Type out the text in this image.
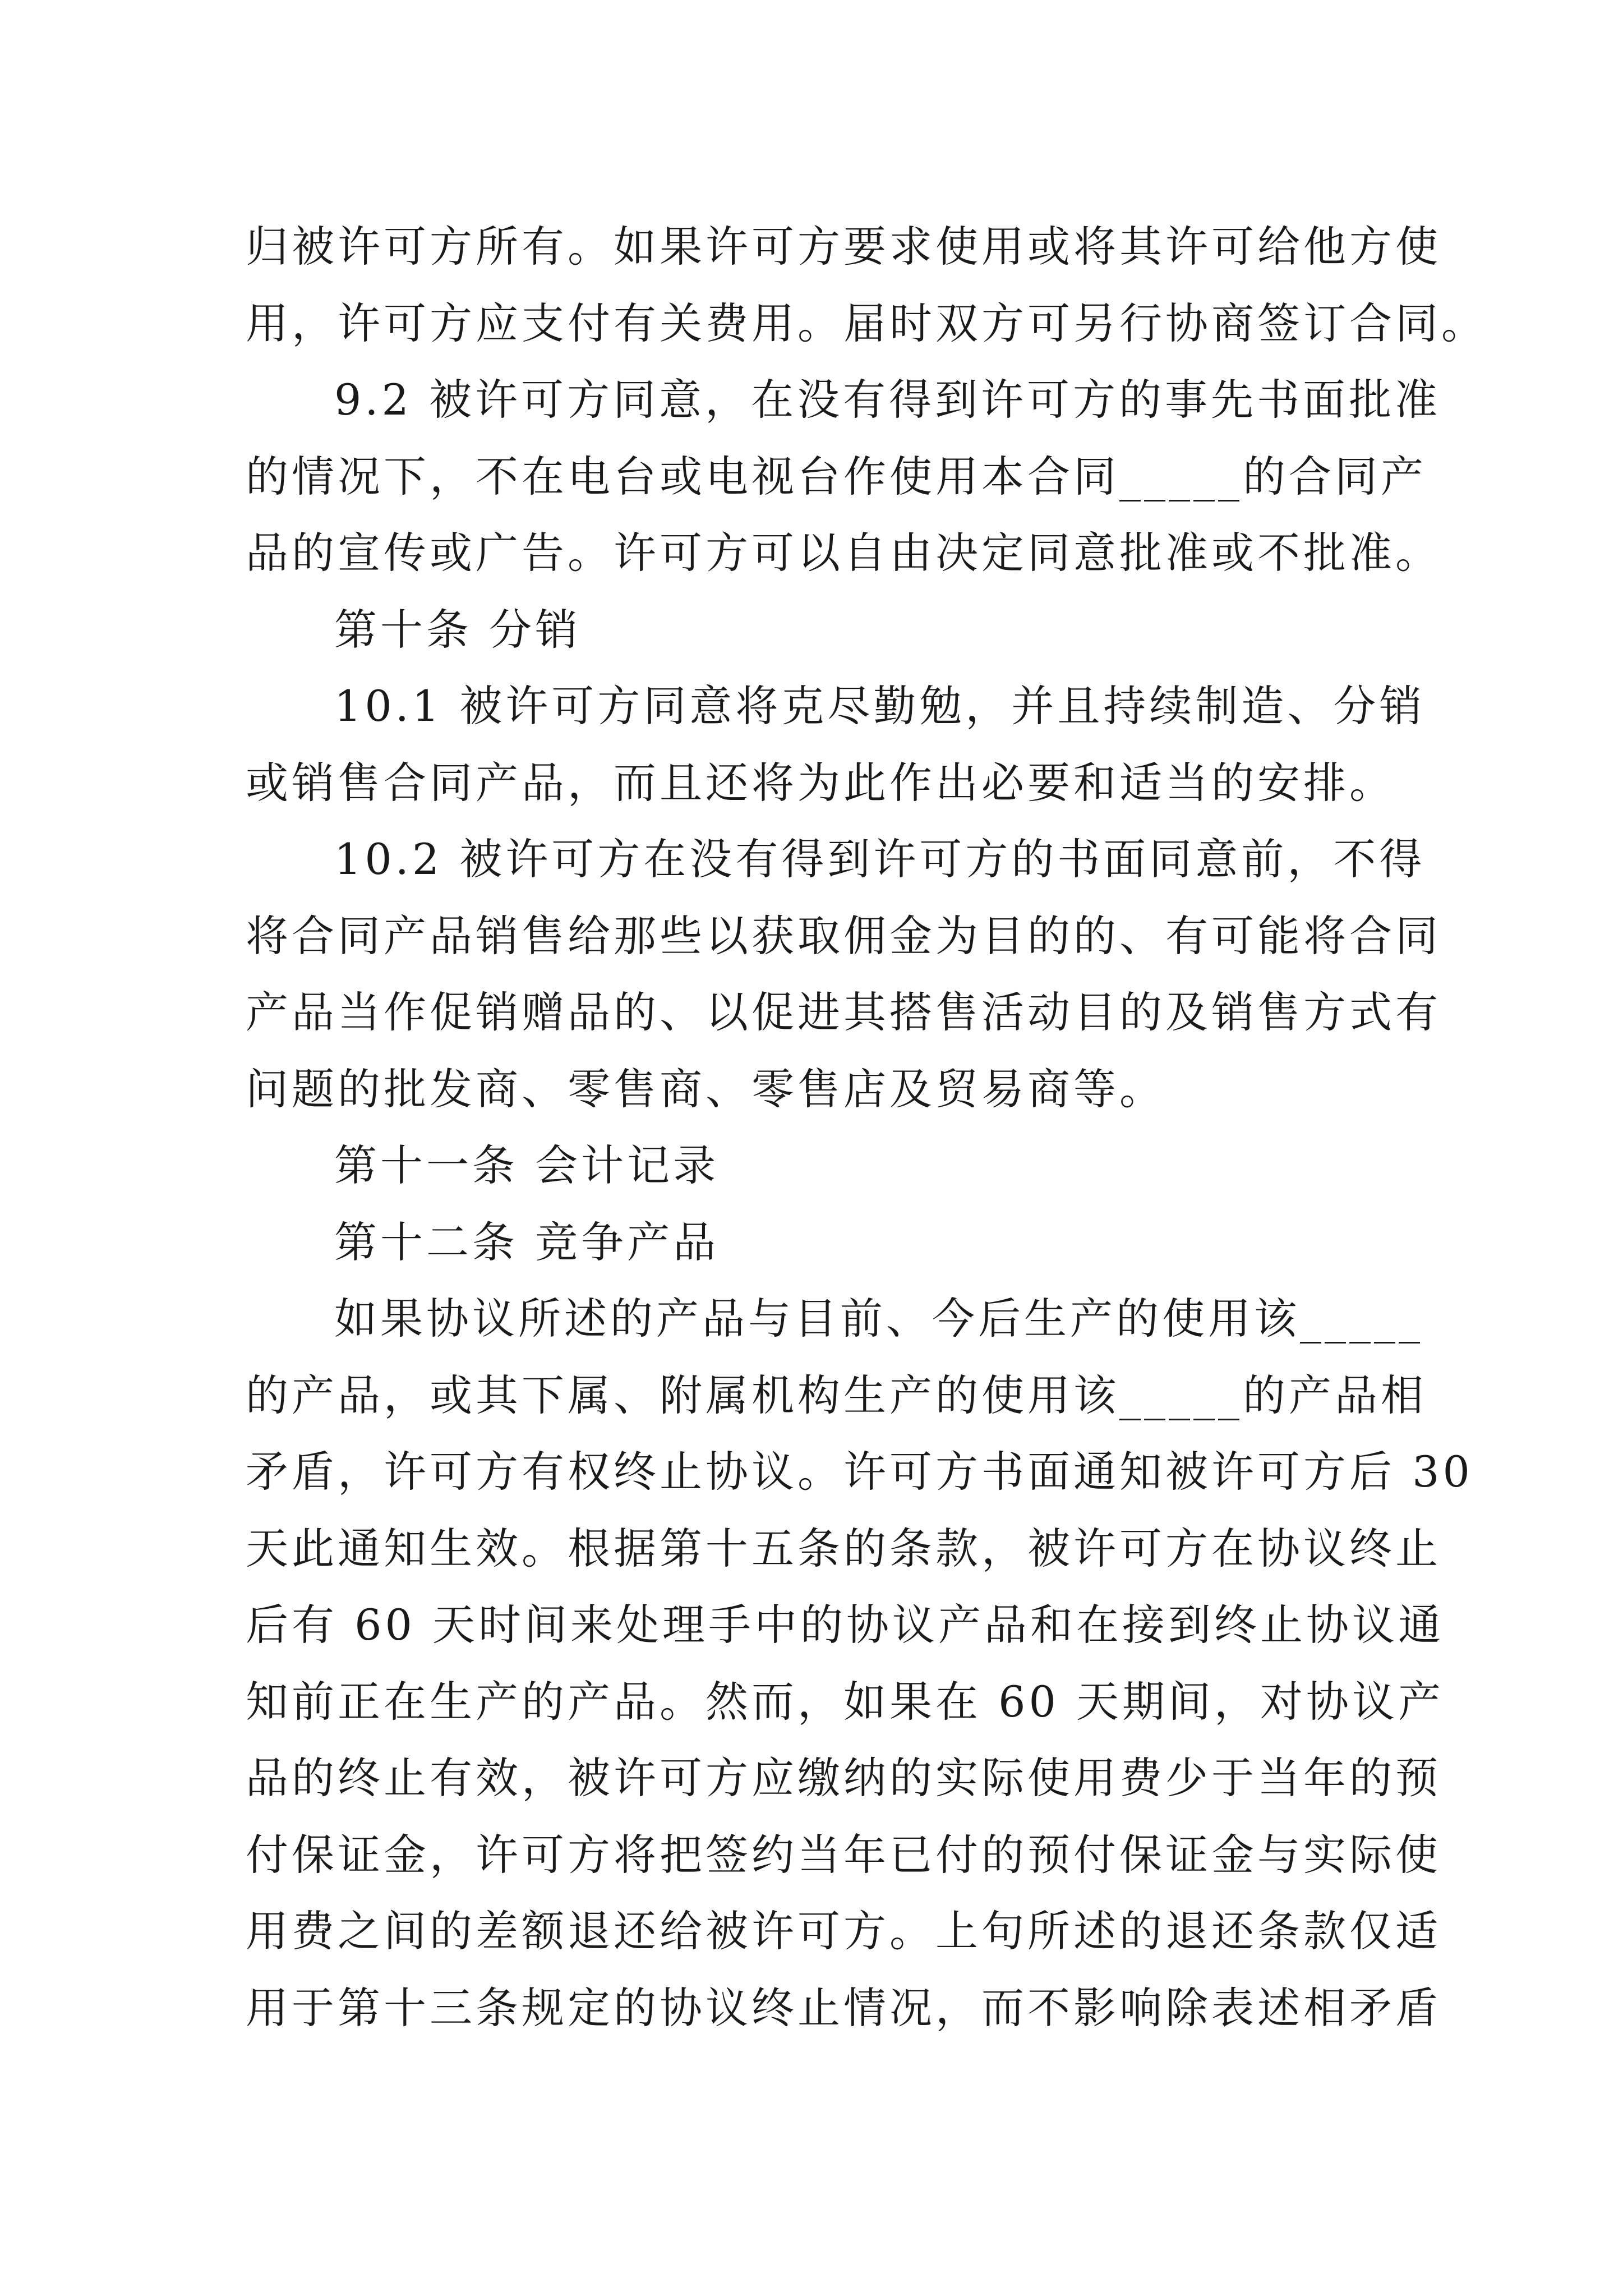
归被许可方所有。如果许可方要求使用或将其许可给他方使
用，许可方应支付有关费用。届时双方可另行协商签订合同。
9.2 被许可方同意，在没有得到许可方的事先书面批准
的情况下，不在电台或电视台作使用本合同_____的合同产
品的宣传或广告。许可方可以自由决定同意批准或不批准。
第十条 分销
10.1 被许可方同意将克尽勤勉，并且持续制造、分销
或销售合同产品，而且还将为此作出必要和适当的安排。
10.2 被许可方在没有得到许可方的书面同意前，不得
将合同产品销售给那些以获取佣金为目的的、有可能将合同
产品当作促销赠品的、以促进其搭售活动目的及销售方式有
问题的批发商、零售商、零售店及贸易商等。
第十一条 会计记录
第十二条 竞争产品
如果协议所述的产品与目前、今后生产的使用该_____
的产品，或其下属、附属机构生产的使用该_____的产品相
矛盾，许可方有权终止协议。许可方书面通知被许可方后 30
天此通知生效。根据第十五条的条款，被许可方在协议终止
后有 60 天时间来处理手中的协议产品和在接到终止协议通
知前正在生产的产品。然而，如果在 60 天期间，对协议产
品的终止有效，被许可方应缴纳的实际使用费少于当年的预
付保证金，许可方将把签约当年已付的预付保证金与实际使
用费之间的差额退还给被许可方。上句所述的退还条款仅适
用于第十三条规定的协议终止情况，而不影响除表述相矛盾
